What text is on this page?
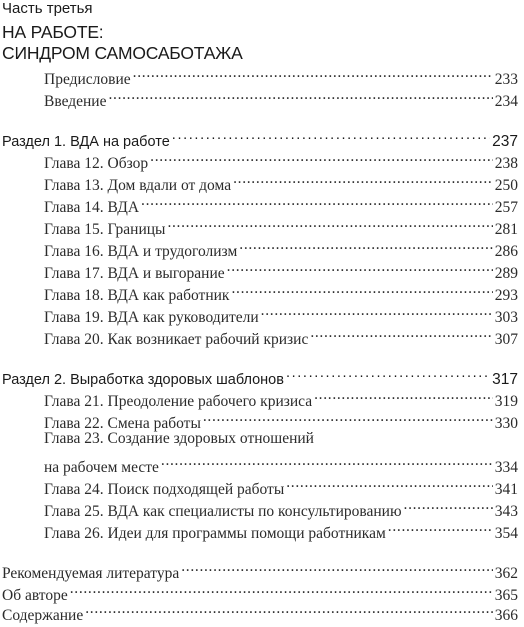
Часть третья
НА РАБОТЕ:
СИНДРОМ САМОСАБОТАЖА
Предисловие . . .	233
Введение . . .	234
Раздел 1. ВДА на работе . . .	237
Глава 12. Обзор . . .	238
Глава 13. Дом вдали от дома . . .	250
Глава 14. ВДА . . .	257
Глава 15. Границы . . .	281
Глава 16. ВДА и трудоголизм . . .	286
Глава 17. ВДА и выгорание . . .	289
Глава 18. ВДА как работник . . .	293
Глава 19. ВДА как руководители . . .	303
Глава 20. Как возникает рабочий кризис . . .	307
Раздел 2. Выработка здоровых шаблонов . . .	317
Глава 21. Преодоление рабочего кризиса . . .	319
Глава 22. Смена работы . . .	330
Глава 23. Создание здоровых отношений
на рабочем месте . . .	334
Глава 24. Поиск подходящей работы . . .	341
Глава 25. ВДА как специалисты по консультированию . . .	343
Глава 26. Идеи для программы помощи работникам . . .	354
Рекомендуемая литература . . .	362
Об авторе . . .	365
Содержание . . .	366
